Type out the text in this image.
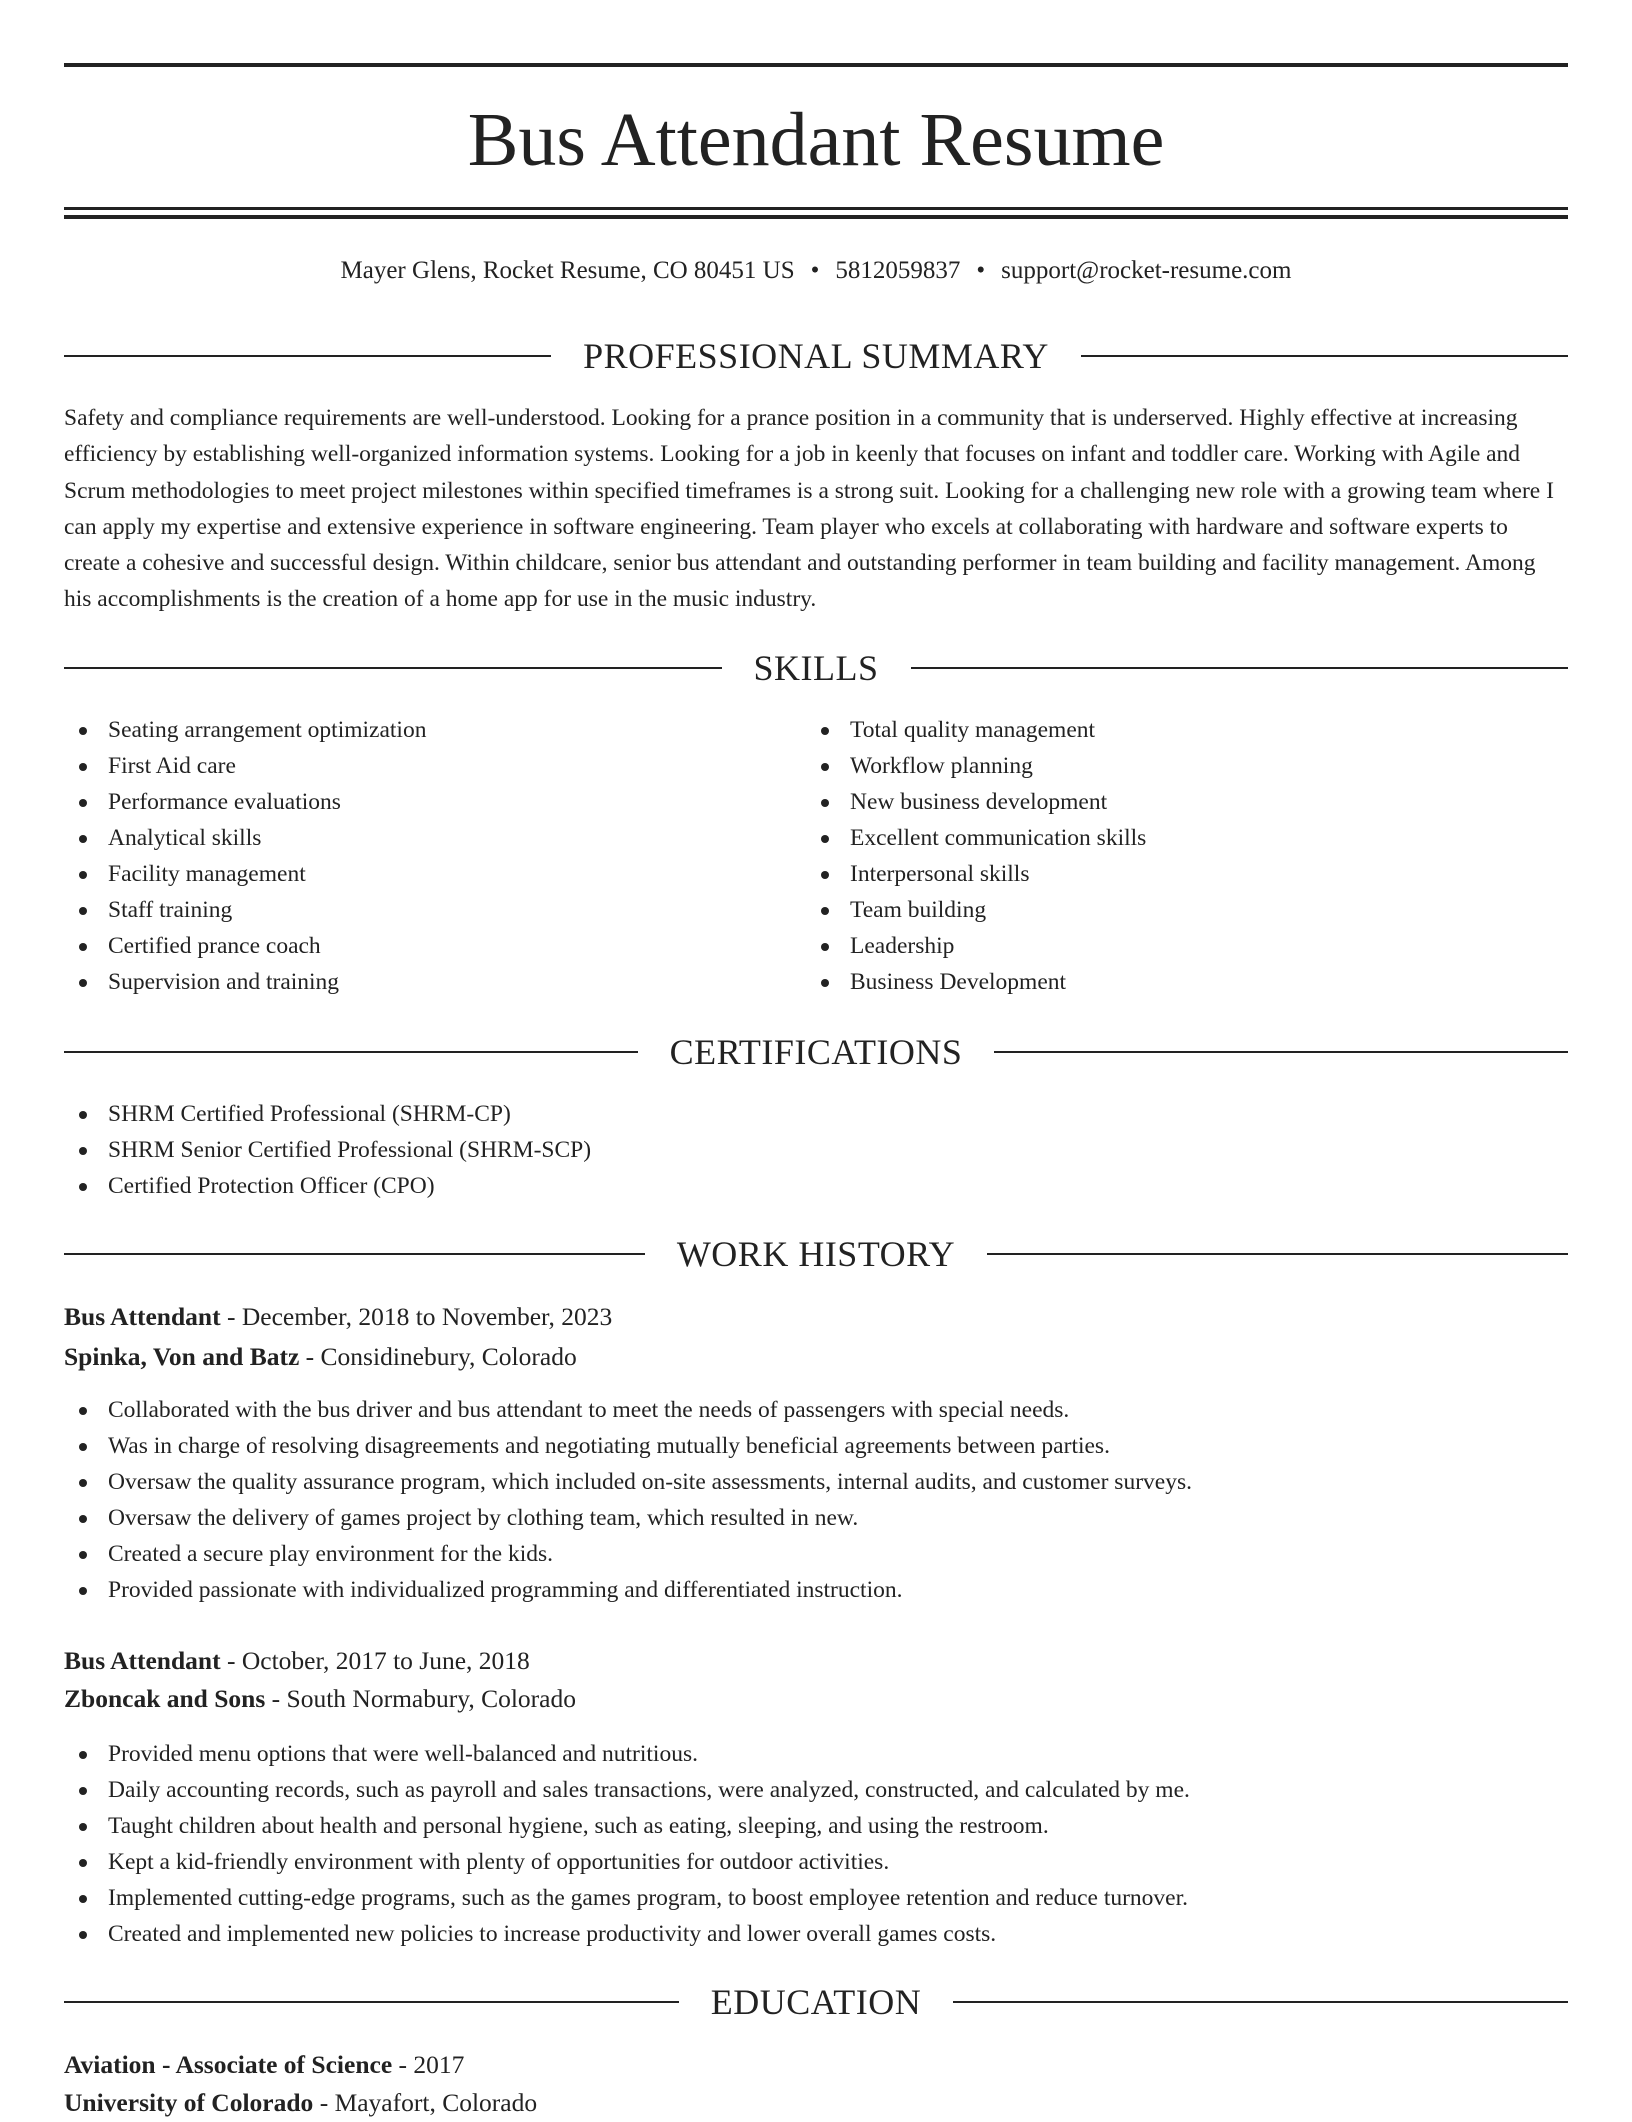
Bus Attendant Resume
Mayer Glens, Rocket Resume, CO 80451 US • 5812059837 • support@rocket-resume.com
PROFESSIONAL SUMMARY

Safety and compliance requirements are well-understood. Looking for a prance position in a community that is underserved. Highly effective at increasing efficiency by establishing well-organized information systems. Looking for a job in keenly that focuses on infant and toddler care. Working with Agile and Scrum methodologies to meet project milestones within specified timeframes is a strong suit. Looking for a challenging new role with a growing team where I can apply my expertise and extensive experience in software engineering. Team player who excels at collaborating with hardware and software experts to create a cohesive and successful design. Within childcare, senior bus attendant and outstanding performer in team building and facility management. Among his accomplishments is the creation of a home app for use in the music industry.

SKILLS
Seating arrangement optimization
First Aid care
Performance evaluations
Analytical skills
Facility management
Staff training
Certified prance coach
Supervision and training
Total quality management
Workflow planning
New business development
Excellent communication skills
Interpersonal skills
Team building
Leadership
Business Development
CERTIFICATIONS
SHRM Certified Professional (SHRM-CP)
SHRM Senior Certified Professional (SHRM-SCP)
Certified Protection Officer (CPO)
WORK HISTORY
Bus Attendant - December, 2018 to November, 2023
Spinka, Von and Batz - Considinebury, Colorado
Collaborated with the bus driver and bus attendant to meet the needs of passengers with special needs.
Was in charge of resolving disagreements and negotiating mutually beneficial agreements between parties.
Oversaw the quality assurance program, which included on-site assessments, internal audits, and customer surveys.
Oversaw the delivery of games project by clothing team, which resulted in new.
Created a secure play environment for the kids.
Provided passionate with individualized programming and differentiated instruction.
Bus Attendant - October, 2017 to June, 2018
Zboncak and Sons - South Normabury, Colorado
Provided menu options that were well-balanced and nutritious.
Daily accounting records, such as payroll and sales transactions, were analyzed, constructed, and calculated by me.
Taught children about health and personal hygiene, such as eating, sleeping, and using the restroom.
Kept a kid-friendly environment with plenty of opportunities for outdoor activities.
Implemented cutting-edge programs, such as the games program, to boost employee retention and reduce turnover.
Created and implemented new policies to increase productivity and lower overall games costs.
EDUCATION
Aviation - Associate of Science - 2017
University of Colorado - Mayafort, Colorado
